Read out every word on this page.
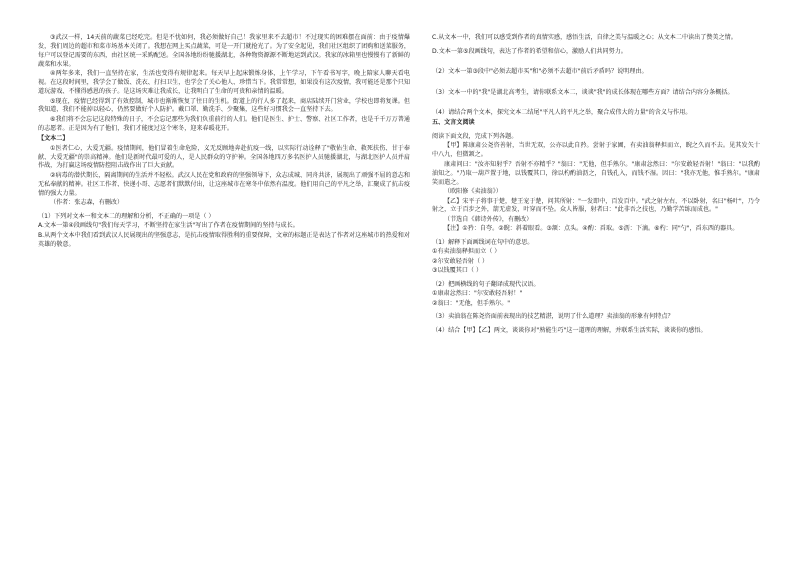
③武汉一样，14天前的蔬菜已经吃完。但是不忧如何，我必须做好自己！我家里来不去超市！不过现实的困难摆在面前：由于疫情爆发，我们周边的超市和菜市场基本关闭了。我想在网上买点蔬菜，可是一开门就抢光了。为了安全起见，我们社区组织了团购和送菜服务，每户可以登记需要的东西，由社区统一采购配送。全国各地纷纷驰援湖北，各种物资源源不断地运到武汉。我家的冰箱里也慢慢有了新鲜的蔬菜和水果。

④两年多来，我们一直坚持在家，生活也变得有规律起来。每天早上起床锻炼身体，上午学习，下午看书写字，晚上陪家人聊天看电视。在这段时间里，我学会了做饭、洗衣、打扫卫生，也学会了关心他人、珍惜当下。我常常想，如果没有这次疫情，我可能还是那个只知道玩游戏、不懂得感恩的孩子。是这场灾难让我成长，让我明白了生命的可贵和亲情的温暖。

⑤现在，疫情已经得到了有效控制，城市也渐渐恢复了往日的生机。街道上的行人多了起来，商店陆续开门营业，学校也即将复课。但我知道，我们不能掉以轻心，仍然要做好个人防护。戴口罩、勤洗手、少聚集，这些好习惯我会一直坚持下去。

⑥我们将不会忘记这段特殊的日子，不会忘记那些为我们负重前行的人们。他们是医生、护士、警察、社区工作者，也是千千万万普通的志愿者。正是因为有了他们，我们才能度过这个寒冬，迎来春暖花开。

【文本二】

①医者仁心，大爱无疆。疫情期间，他们冒着生命危险，义无反顾地奔赴抗疫一线，以实际行动诠释了"敬佑生命、救死扶伤、甘于奉献、大爱无疆"的崇高精神。他们是新时代最可爱的人，是人民群众的守护神。全国各地四万多名医护人员驰援湖北，与湖北医护人员并肩作战，为打赢这场疫情防控阻击战作出了巨大贡献。

②病毒的潜伏期长，隔离期间的生活并不轻松。武汉人民在党和政府的坚强领导下，众志成城、同舟共济，展现出了顽强不屈的意志和无私奉献的精神。社区工作者、快递小哥、志愿者们默默付出，让这座城市在寒冬中依然有温度。他们用自己的平凡之举，汇聚成了抗击疫情的强大力量。

（作者：张志森，有删改）

（1）下列对文本一和文本二的理解和分析，不正确的一项是（ ）

A.文本一第④段画线句"我们每天学习，不断坚持在家生活"写出了作者在疫情期间的坚持与成长。

B.从两个文本中我们看到武汉人民展现出的坚强意志，是抗击疫情取得胜利的重要保障，文章的标题正是表达了作者对这座城市的热爱和对英雄的敬意。

C.从文本一中，我们可以感受到作者的真情实感，感悟生活，自律之美与温暖之心；从文本二中读出了赞美之情。

D.文本一第⑤段画线句，表达了作者的希望和信心，激励人们共同努力。

（2）文本一第③段中"必须去超市买"和"必须不去超市"前后矛盾吗？说明理由。

（3）文本一中的"我"是湖北高考生，请你联系文本二，谈谈"我"的成长体现在哪些方面？请结合内容分条概括。

（4）请结合两个文本，探究文本二结尾"平凡人的平凡之举，聚合成伟大的力量"的含义与作用。

五、文言文阅读

阅读下面文段，完成下列各题。

【甲】陈康肃公尧咨善射，当世无双，公亦以此自矜。尝射于家圃，有卖油翁释担而立，睨之久而不去。见其发矢十中八九，但微颔之。

康肃问曰："汝亦知射乎？吾射不亦精乎？"翁曰："无他，但手熟尔。"康肃忿然曰："尔安敢轻吾射！"翁曰："以我酌油知之。"乃取一葫芦置于地，以钱覆其口，徐以杓酌油沥之，自钱孔入，而钱不湿。因曰："我亦无他，惟手熟尔。"康肃笑而遣之。

（欧阳修《卖油翁》）

【乙】宋平子将事于楚，楚王宠于楚，问其所射："一发即中，百发百中。"武之射左右，不以卧射，名曰"杨叶"，乃令射之，立于百步之外，箭无虚发，叶穿而不坠。众人皆服，射者曰："此非吾之技也，乃勤学苦练而成也。"

（节选自《韩诗外传》，有删改）

【注】①矜：自夸。②睨：斜着眼看。③颔：点头。④酌：舀取。⑤沥：下滴。⑥杓：同"勺"，舀东西的器具。

（1）解释下面画线词在句中的意思。

①有卖油翁释担而立（ ）

②尔安敢轻吾射（ ）

③以钱覆其口（ ）

（2）把画横线的句子翻译成现代汉语。

①康肃忿然曰："尔安敢轻吾射！"

②翁曰："无他，但手熟尔。"

（3）卖油翁在陈尧咨面前表现出的技艺精湛，说明了什么道理？卖油翁的形象有何特点？

（4）结合【甲】【乙】两文，谈谈你对"熟能生巧"这一道理的理解，并联系生活实际，谈谈你的感悟。
